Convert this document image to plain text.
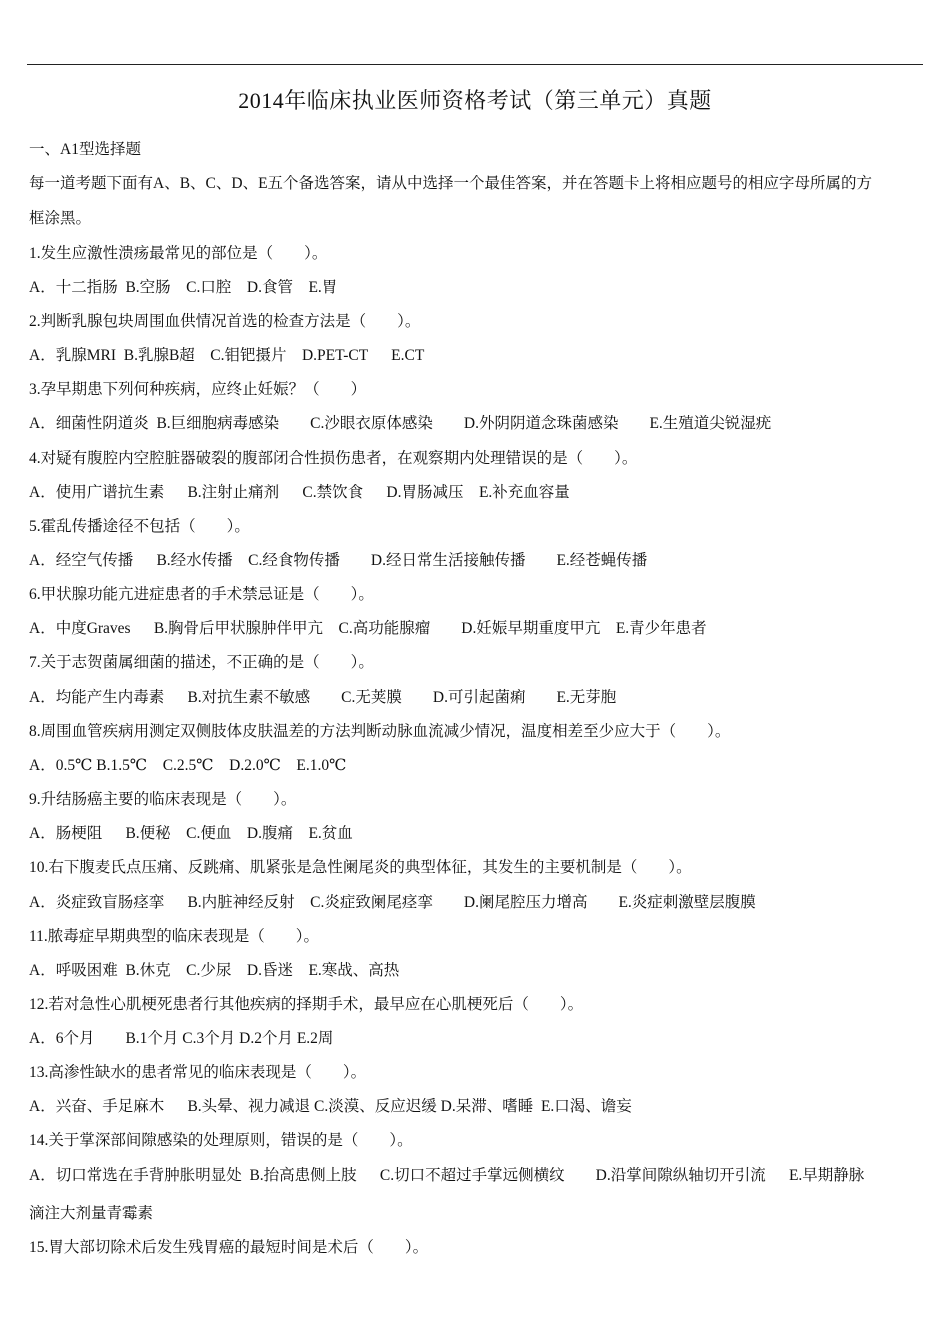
2014年临床执业医师资格考试（第三单元）真题
一、A1型选择题
每一道考题下面有A、B、C、D、E五个备选答案，请从中选择一个最佳答案，并在答题卡上将相应题号的相应字母所属的方
框涂黑。
1.发生应激性溃疡最常见的部位是（　　）。
A．十二指肠  B.空肠    C.口腔    D.食管    E.胃
2.判断乳腺包块周围血供情况首选的检查方法是（　　）。
A．乳腺MRI  B.乳腺B超    C.钼钯摄片    D.PET-CT      E.CT
3.孕早期患下列何种疾病，应终止妊娠？（　　）
A．细菌性阴道炎  B.巨细胞病毒感染        C.沙眼衣原体感染        D.外阴阴道念珠菌感染        E.生殖道尖锐湿疣
4.对疑有腹腔内空腔脏器破裂的腹部闭合性损伤患者，在观察期内处理错误的是（　　）。
A．使用广谱抗生素      B.注射止痛剂      C.禁饮食      D.胃肠减压    E.补充血容量
5.霍乱传播途径不包括（　　）。
A．经空气传播      B.经水传播    C.经食物传播        D.经日常生活接触传播        E.经苍蝇传播
6.甲状腺功能亢进症患者的手术禁忌证是（　　）。
A．中度Graves      B.胸骨后甲状腺肿伴甲亢    C.高功能腺瘤        D.妊娠早期重度甲亢    E.青少年患者
7.关于志贺菌属细菌的描述，不正确的是（　　）。
A．均能产生内毒素      B.对抗生素不敏感        C.无荚膜        D.可引起菌痢        E.无芽胞
8.周围血管疾病用测定双侧肢体皮肤温差的方法判断动脉血流减少情况，温度相差至少应大于（　　）。
A．0.5℃ B.1.5℃    C.2.5℃    D.2.0℃    E.1.0℃
9.升结肠癌主要的临床表现是（　　）。
A．肠梗阻      B.便秘    C.便血    D.腹痛    E.贫血
10.右下腹麦氏点压痛、反跳痛、肌紧张是急性阑尾炎的典型体征，其发生的主要机制是（　　）。
A．炎症致盲肠痉挛      B.内脏神经反射    C.炎症致阑尾痉挛        D.阑尾腔压力增高        E.炎症刺激壁层腹膜
11.脓毒症早期典型的临床表现是（　　）。
A．呼吸困难  B.休克    C.少尿    D.昏迷    E.寒战、高热
12.若对急性心肌梗死患者行其他疾病的择期手术，最早应在心肌梗死后（　　）。
A．6个月        B.1个月 C.3个月 D.2个月 E.2周
13.高渗性缺水的患者常见的临床表现是（　　）。
A．兴奋、手足麻木      B.头晕、视力减退 C.淡漠、反应迟缓 D.呆滞、嗜睡  E.口渴、谵妄
14.关于掌深部间隙感染的处理原则，错误的是（　　）。
A．切口常选在手背肿胀明显处  B.抬高患侧上肢      C.切口不超过手掌远侧横纹        D.沿掌间隙纵轴切开引流      E.早期静脉
滴注大剂量青霉素
15.胃大部切除术后发生残胃癌的最短时间是术后（　　）。
